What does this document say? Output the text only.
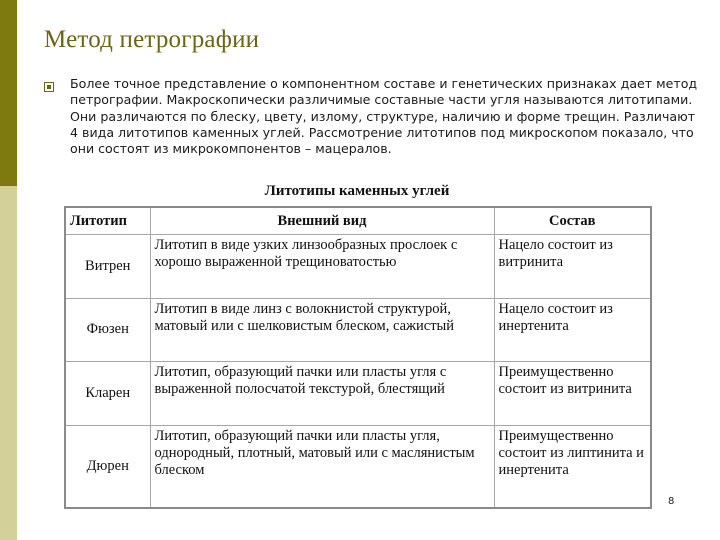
Метод петрографии
Более точное представление о компонентном составе и генетических признаках дает метод петрографии. Макроскопически различимые составные части угля называются литотипами. Они различаются по блеску, цвету, излому, структуре, наличию и форме трещин. Различают 4 вида литотипов каменных углей. Рассмотрение литотипов под микроскопом показало, что они состоят из микрокомпонентов – мацералов.
Литотипы каменных углей
Литотип	Внешний вид	Состав
Витрен	Литотип в виде узких линзообразных прослоек с хорошо выраженной трещиноватостью	Нацело состоит из витринита
Фюзен	Литотип в виде линз с волокнистой структурой, матовый или с шелковистым блеском, сажистый	Нацело состоит из инертенита
Кларен	Литотип, образующий пачки или пласты угля с выраженной полосчатой текстурой, блестящий	Преимущественно состоит из витринита
Дюрен	Литотип, образующий пачки или пласты угля, однородный, плотный, матовый или с маслянистым блеском	Преимущественно состоит из липтинита и инертенита
8
